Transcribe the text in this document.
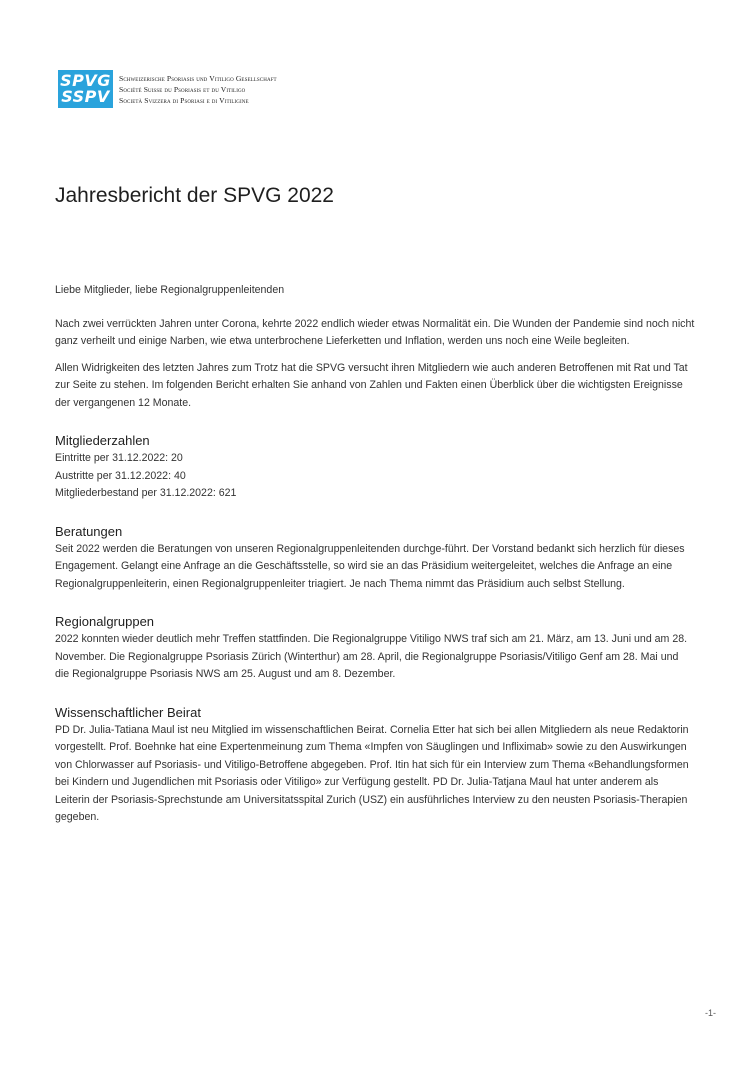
SPVG
SSPV
Schweizerische Psoriasis und Vitiligo Gesellschaft
Société Suisse du Psoriasis et du Vitiligo
Società Svizzera di Psoriasi e di Vitiligine
Jahresbericht der SPVG 2022

Liebe Mitglieder, liebe Regionalgruppenleitenden

Nach zwei verrückten Jahren unter Corona, kehrte 2022 endlich wieder etwas Normalität ein. Die Wunden der Pandemie sind noch nicht ganz verheilt und einige Narben, wie etwa unterbrochene Lieferketten und Inflation, werden uns noch eine Weile begleiten.

Allen Widrigkeiten des letzten Jahres zum Trotz hat die SPVG versucht ihren Mitgliedern wie auch anderen Betroffenen mit Rat und Tat zur Seite zu stehen. Im folgenden Bericht erhalten Sie anhand von Zahlen und Fakten einen Überblick über die wichtigsten Ereignisse der vergangenen 12 Monate.

Mitgliederzahlen
Eintritte per 31.12.2022: 20
Austritte per 31.12.2022: 40
Mitgliederbestand per 31.12.2022: 621
Beratungen
Seit 2022 werden die Beratungen von unseren Regionalgruppenleitenden durchge-führt. Der Vorstand bedankt sich herzlich für dieses Engagement. Gelangt eine Anfrage an die Geschäftsstelle, so wird sie an das Präsidium weitergeleitet, welches die Anfrage an eine Regionalgruppenleiterin, einen Regionalgruppenleiter triagiert. Je nach Thema nimmt das Präsidium auch selbst Stellung.
Regionalgruppen
2022 konnten wieder deutlich mehr Treffen stattfinden. Die Regionalgruppe Vitiligo NWS traf sich am 21. März, am 13. Juni und am 28. November. Die Regionalgruppe Psoriasis Zürich (Winterthur) am 28. April, die Regionalgruppe Psoriasis/Vitiligo Genf am 28. Mai und die Regionalgruppe Psoriasis NWS am 25. August und am 8. Dezember.
Wissenschaftlicher Beirat
PD Dr. Julia-Tatiana Maul ist neu Mitglied im wissenschaftlichen Beirat. Cornelia Etter hat sich bei allen Mitgliedern als neue Redaktorin vorgestellt. Prof. Boehnke hat eine Expertenmeinung zum Thema «Impfen von Säuglingen und Infliximab» sowie zu den Auswirkungen von Chlorwasser auf Psoriasis- und Vitiligo-Betroffene abgegeben. Prof. Itin hat sich für ein Interview zum Thema «Behandlungsformen bei Kindern und Jugendlichen mit Psoriasis oder Vitiligo» zur Verfügung gestellt. PD Dr. Julia-Tatjana Maul hat unter anderem als Leiterin der Psoriasis-Sprechstunde am Universitatsspital Zurich (USZ) ein ausführliches Interview zu den neusten Psoriasis-Therapien gegeben.
-1-
